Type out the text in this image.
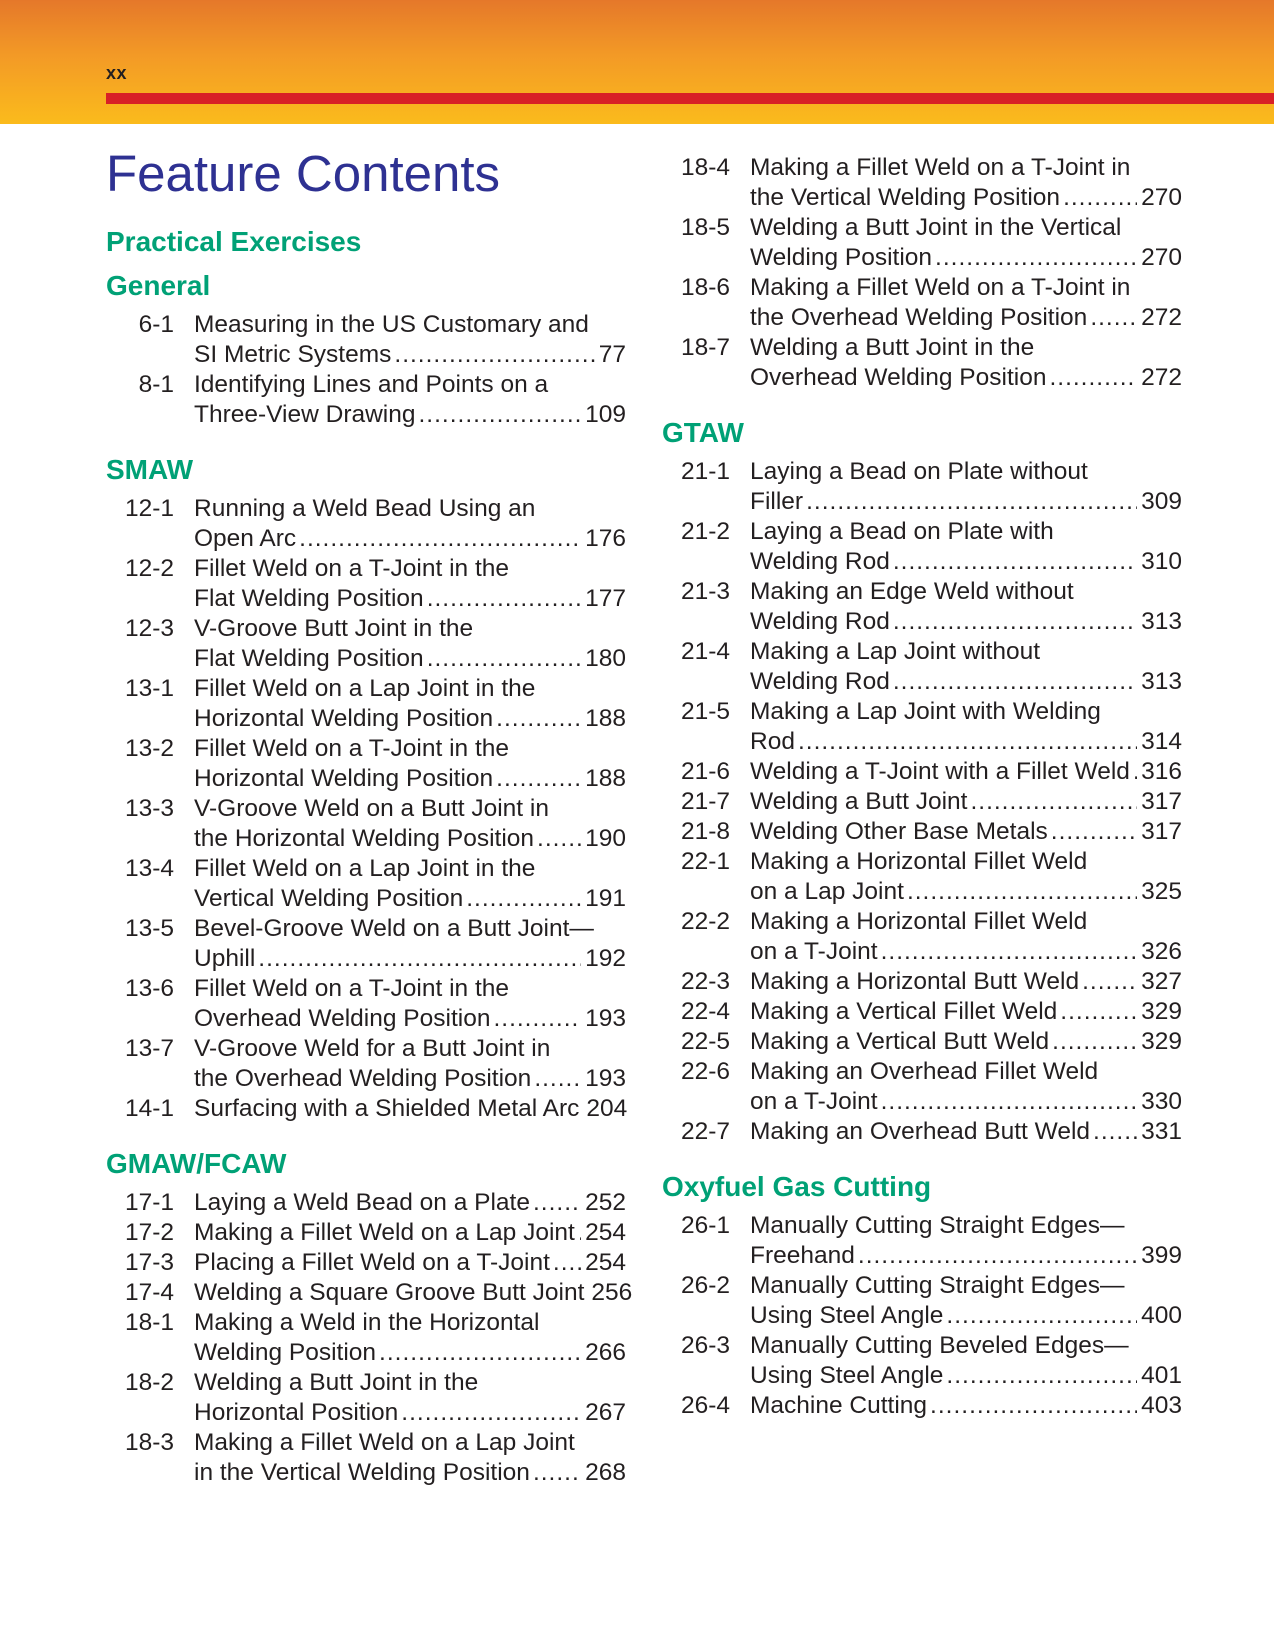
xx
Feature Contents
Practical Exercises
General
6-1 Measuring in the US Customary and
SI Metric Systems .....	77
8-1 Identifying Lines and Points on a
Three-View Drawing .....	109
SMAW
12-1 Running a Weld Bead Using an
Open Arc .....	176
12-2 Fillet Weld on a T-Joint in the
Flat Welding Position .....	177
12-3 V-Groove Butt Joint in the
Flat Welding Position .....	180
13-1 Fillet Weld on a Lap Joint in the
Horizontal Welding Position .....	188
13-2 Fillet Weld on a T-Joint in the
Horizontal Welding Position .....	188
13-3 V-Groove Weld on a Butt Joint in
the Horizontal Welding Position ..... 190
13-4 Fillet Weld on a Lap Joint in the
Vertical Welding Position .....	191
13-5 Bevel-Groove Weld on a Butt Joint—
Uphill .....	192
13-6 Fillet Weld on a T-Joint in the
Overhead Welding Position .....	193
13-7 V-Groove Weld for a Butt Joint in
the Overhead Welding Position ..... 193
14-1 Surfacing with a Shielded Metal Arc 204
GMAW/FCAW
17-1 Laying a Weld Bead on a Plate ..... 252
17-2 Making a Fillet Weld on a Lap Joint ..... 254
17-3 Placing a Fillet Weld on a T-Joint ..... 254
17-4 Welding a Square Groove Butt Joint 256
18-1 Making a Weld in the Horizontal
Welding Position .....	266
18-2 Welding a Butt Joint in the
Horizontal Position .....	267
18-3 Making a Fillet Weld on a Lap Joint
in the Vertical Welding Position ..... 268
18-4 Making a Fillet Weld on a T-Joint in
the Vertical Welding Position .....	270
18-5 Welding a Butt Joint in the Vertical
Welding Position .....	270
18-6 Making a Fillet Weld on a T-Joint in
the Overhead Welding Position ..... 272
18-7 Welding a Butt Joint in the
Overhead Welding Position .....	272
GTAW
21-1 Laying a Bead on Plate without
Filler .....	309
21-2 Laying a Bead on Plate with
Welding Rod .....	310
21-3 Making an Edge Weld without
Welding Rod .....	313
21-4 Making a Lap Joint without
Welding Rod .....	313
21-5 Making a Lap Joint with Welding
Rod .....	314
21-6 Welding a T-Joint with a Fillet Weld ..... 316
21-7 Welding a Butt Joint .....	317
21-8 Welding Other Base Metals .....	317
22-1 Making a Horizontal Fillet Weld
on a Lap Joint .....	325
22-2 Making a Horizontal Fillet Weld
on a T-Joint .....	326
22-3 Making a Horizontal Butt Weld .....	327
22-4 Making a Vertical Fillet Weld .....	329
22-5 Making a Vertical Butt Weld .....	329
22-6 Making an Overhead Fillet Weld
on a T-Joint .....	330
22-7 Making an Overhead Butt Weld ..... 331
Oxyfuel Gas Cutting
26-1 Manually Cutting Straight Edges—
Freehand .....	399
26-2 Manually Cutting Straight Edges—
Using Steel Angle .....	400
26-3 Manually Cutting Beveled Edges—
Using Steel Angle .....	401
26-4 Machine Cutting .....	403
